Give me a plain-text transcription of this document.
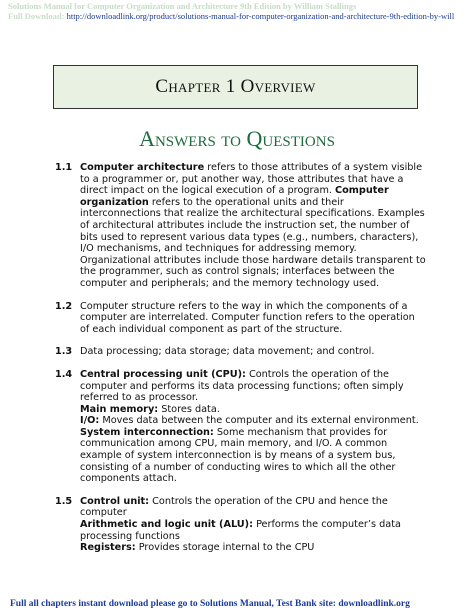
Solutions Manual for Computer Organization and Architecture 9th Edition by William Stallings
Full Download: http://downloadlink.org/product/solutions-manual-for-computer-organization-and-architecture-9th-edition-by-will
Chapter 1 Overview
Answers to Questions
1.1 Computer architecture refers to those attributes of a system visible to a programmer or, put another way, those attributes that have a direct impact on the logical execution of a program. Computer organization refers to the operational units and their interconnections that realize the architectural specifications. Examples of architectural attributes include the instruction set, the number of bits used to represent various data types (e.g., numbers, characters), I/O mechanisms, and techniques for addressing memory. Organizational attributes include those hardware details transparent to the programmer, such as control signals; interfaces between the computer and peripherals; and the memory technology used.
1.2 Computer structure refers to the way in which the components of a computer are interrelated. Computer function refers to the operation of each individual component as part of the structure.
1.3 Data processing; data storage; data movement; and control.
1.4 Central processing unit (CPU): Controls the operation of the computer and performs its data processing functions; often simply referred to as processor.

Main memory: Stores data.

I/O: Moves data between the computer and its external environment.

System interconnection: Some mechanism that provides for communication among CPU, main memory, and I/O. A common example of system interconnection is by means of a system bus, consisting of a number of conducting wires to which all the other components attach.

1.5 Control unit: Controls the operation of the CPU and hence the computer

Arithmetic and logic unit (ALU): Performs the computer’s data processing functions

Registers: Provides storage internal to the CPU

Full all chapters instant download please go to Solutions Manual, Test Bank site: downloadlink.org
